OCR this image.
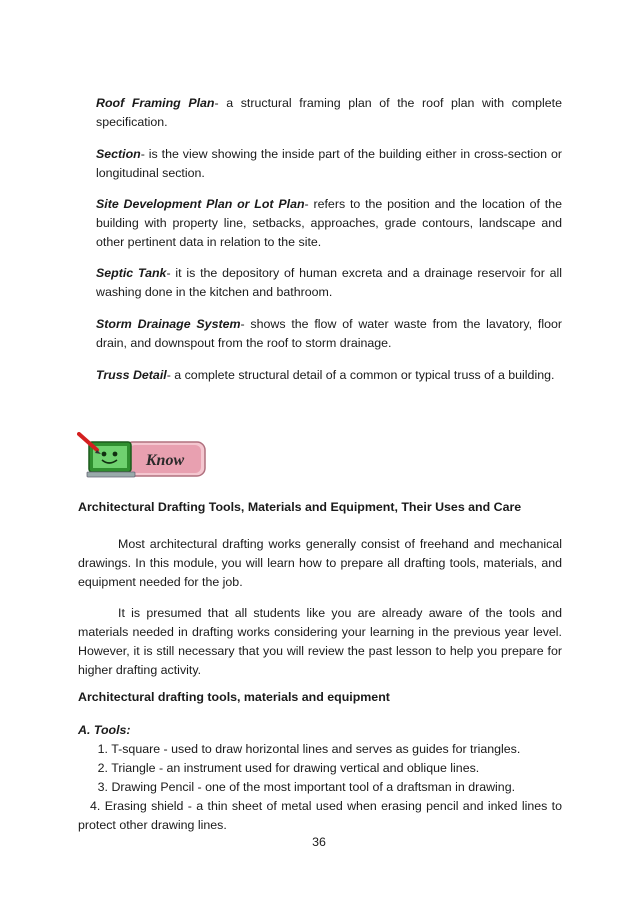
Roof Framing Plan- a structural framing plan of the roof plan with complete specification.
Section- is the view showing the inside part of the building either in cross-section or longitudinal section.
Site Development Plan or Lot Plan- refers to the position and the location of the building with property line, setbacks, approaches, grade contours, landscape and other pertinent data in relation to the site.
Septic Tank- it is the depository of human excreta and a drainage reservoir for all washing done in the kitchen and bathroom.
Storm Drainage System- shows the flow of water waste from the lavatory, floor drain, and downspout from the roof to storm drainage.
Truss Detail- a complete structural detail of a common or typical truss of a building.
Know
Architectural Drafting Tools, Materials and Equipment, Their Uses and Care
Most architectural drafting works generally consist of freehand and mechanical drawings. In this module, you will learn how to prepare all drafting tools, materials, and equipment needed for the job.
It is presumed that all students like you are already aware of the tools and materials needed in drafting works considering your learning in the previous year level. However, it is still necessary that you will review the past lesson to help you prepare for higher drafting activity.
Architectural drafting tools, materials and equipment
A. Tools:
1. T-square - used to draw horizontal lines and serves as guides for triangles.
2. Triangle - an instrument used for drawing vertical and oblique lines.
3. Drawing Pencil - one of the most important tool of a draftsman in drawing.
4. Erasing shield - a thin sheet of metal used when erasing pencil and inked lines to protect other drawing lines.
36
